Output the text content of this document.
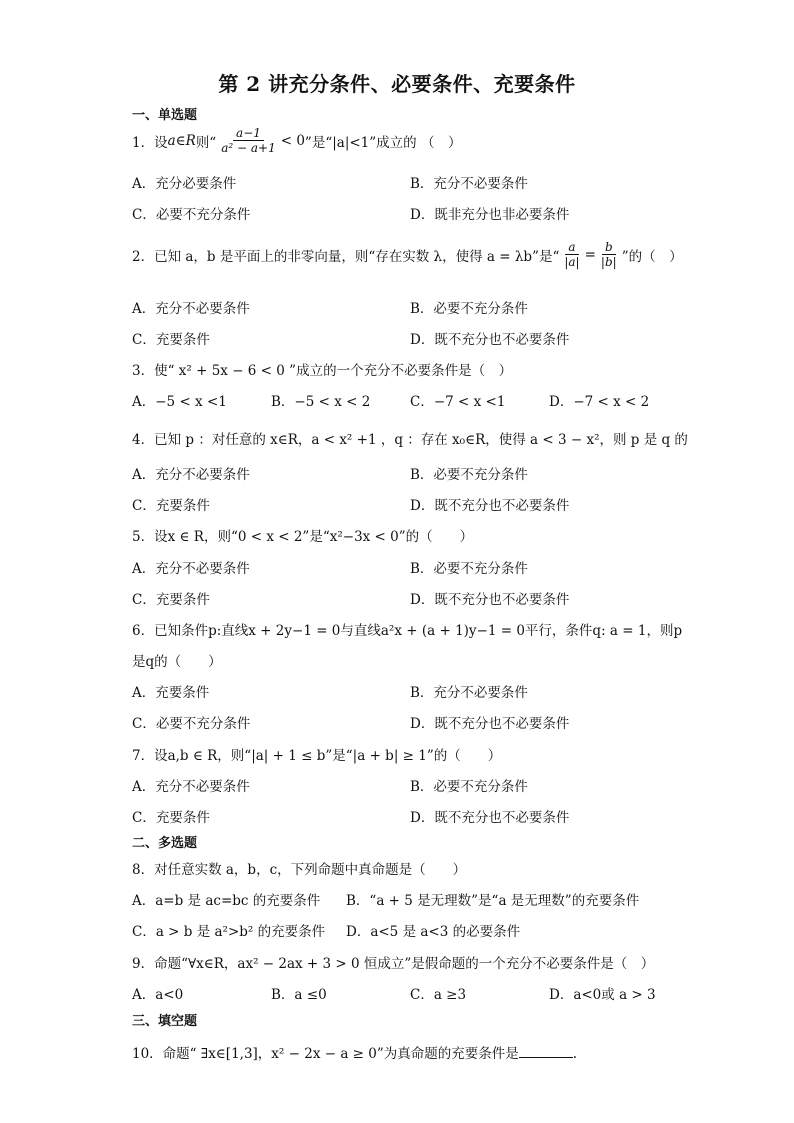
第 2 讲充分条件、必要条件、充要条件
一、单选题
1．设 a∈R 则“ $\frac{a-1}{\text{a² − a+1}} < 0$ ”是“|a|<1”成立的 （　）
A．充分必要条件	B．充分不必要条件
C．必要不充分条件	D．既非充分也非必要条件
2．已知 a，b 是平面上的非零向量，则“存在实数 λ，使得 a = λb”是“ $\frac{a}{|a|} = \frac{b}{|b|}$ ”的（　）
A．充分不必要条件	B．必要不充分条件
C．充要条件	D．既不充分也不必要条件
3．使“ x² + 5x − 6 < 0 ”成立的一个充分不必要条件是（　）
A．−5 < x <1	B．−5 < x < 2	C．−7 < x <1	D．−7 < x < 2
4．已知 p ：对任意的 x∈R，a < x² +1 ，q ：存在 x₀∈R，使得 a < 3 − x²，则 p 是 q 的
A．充分不必要条件	B．必要不充分条件
C．充要条件	D．既不充分也不必要条件
5．设x ∈ R，则“0 < x < 2”是“x²−3x < 0”的（　　）
A．充分不必要条件	B．必要不充分条件
C．充要条件	D．既不充分也不必要条件
6．已知条件p:直线x + 2y−1 = 0与直线a²x + (a + 1)y−1 = 0平行，条件q: a = 1，则p
是q的（　　）
A．充要条件	B．充分不必要条件
C．必要不充分条件	D．既不充分也不必要条件
7．设a,b ∈ R，则“|a| + 1 ≤ b”是“|a + b| ≥ 1”的（　　）
A．充分不必要条件	B．必要不充分条件
C．充要条件	D．既不充分也不必要条件
二、多选题
8．对任意实数 a，b，c，下列命题中真命题是（　　）
A．a=b 是 ac=bc 的充要条件 B．“a + 5 是无理数”是“a 是无理数”的充要条件
C．a > b 是 a²>b² 的充要条件 D．a<5 是 a<3 的必要条件
9．命题“∀x∈R，ax² − 2ax + 3 > 0 恒成立”是假命题的一个充分不必要条件是（　）
A．a<0	B．a ≤0	C．a ≥3	D．a<0或 a > 3
三、填空题
10．命题“ ∃x∈[1,3]，x² − 2x − a ≥ 0”为真命题的充要条件是	.
